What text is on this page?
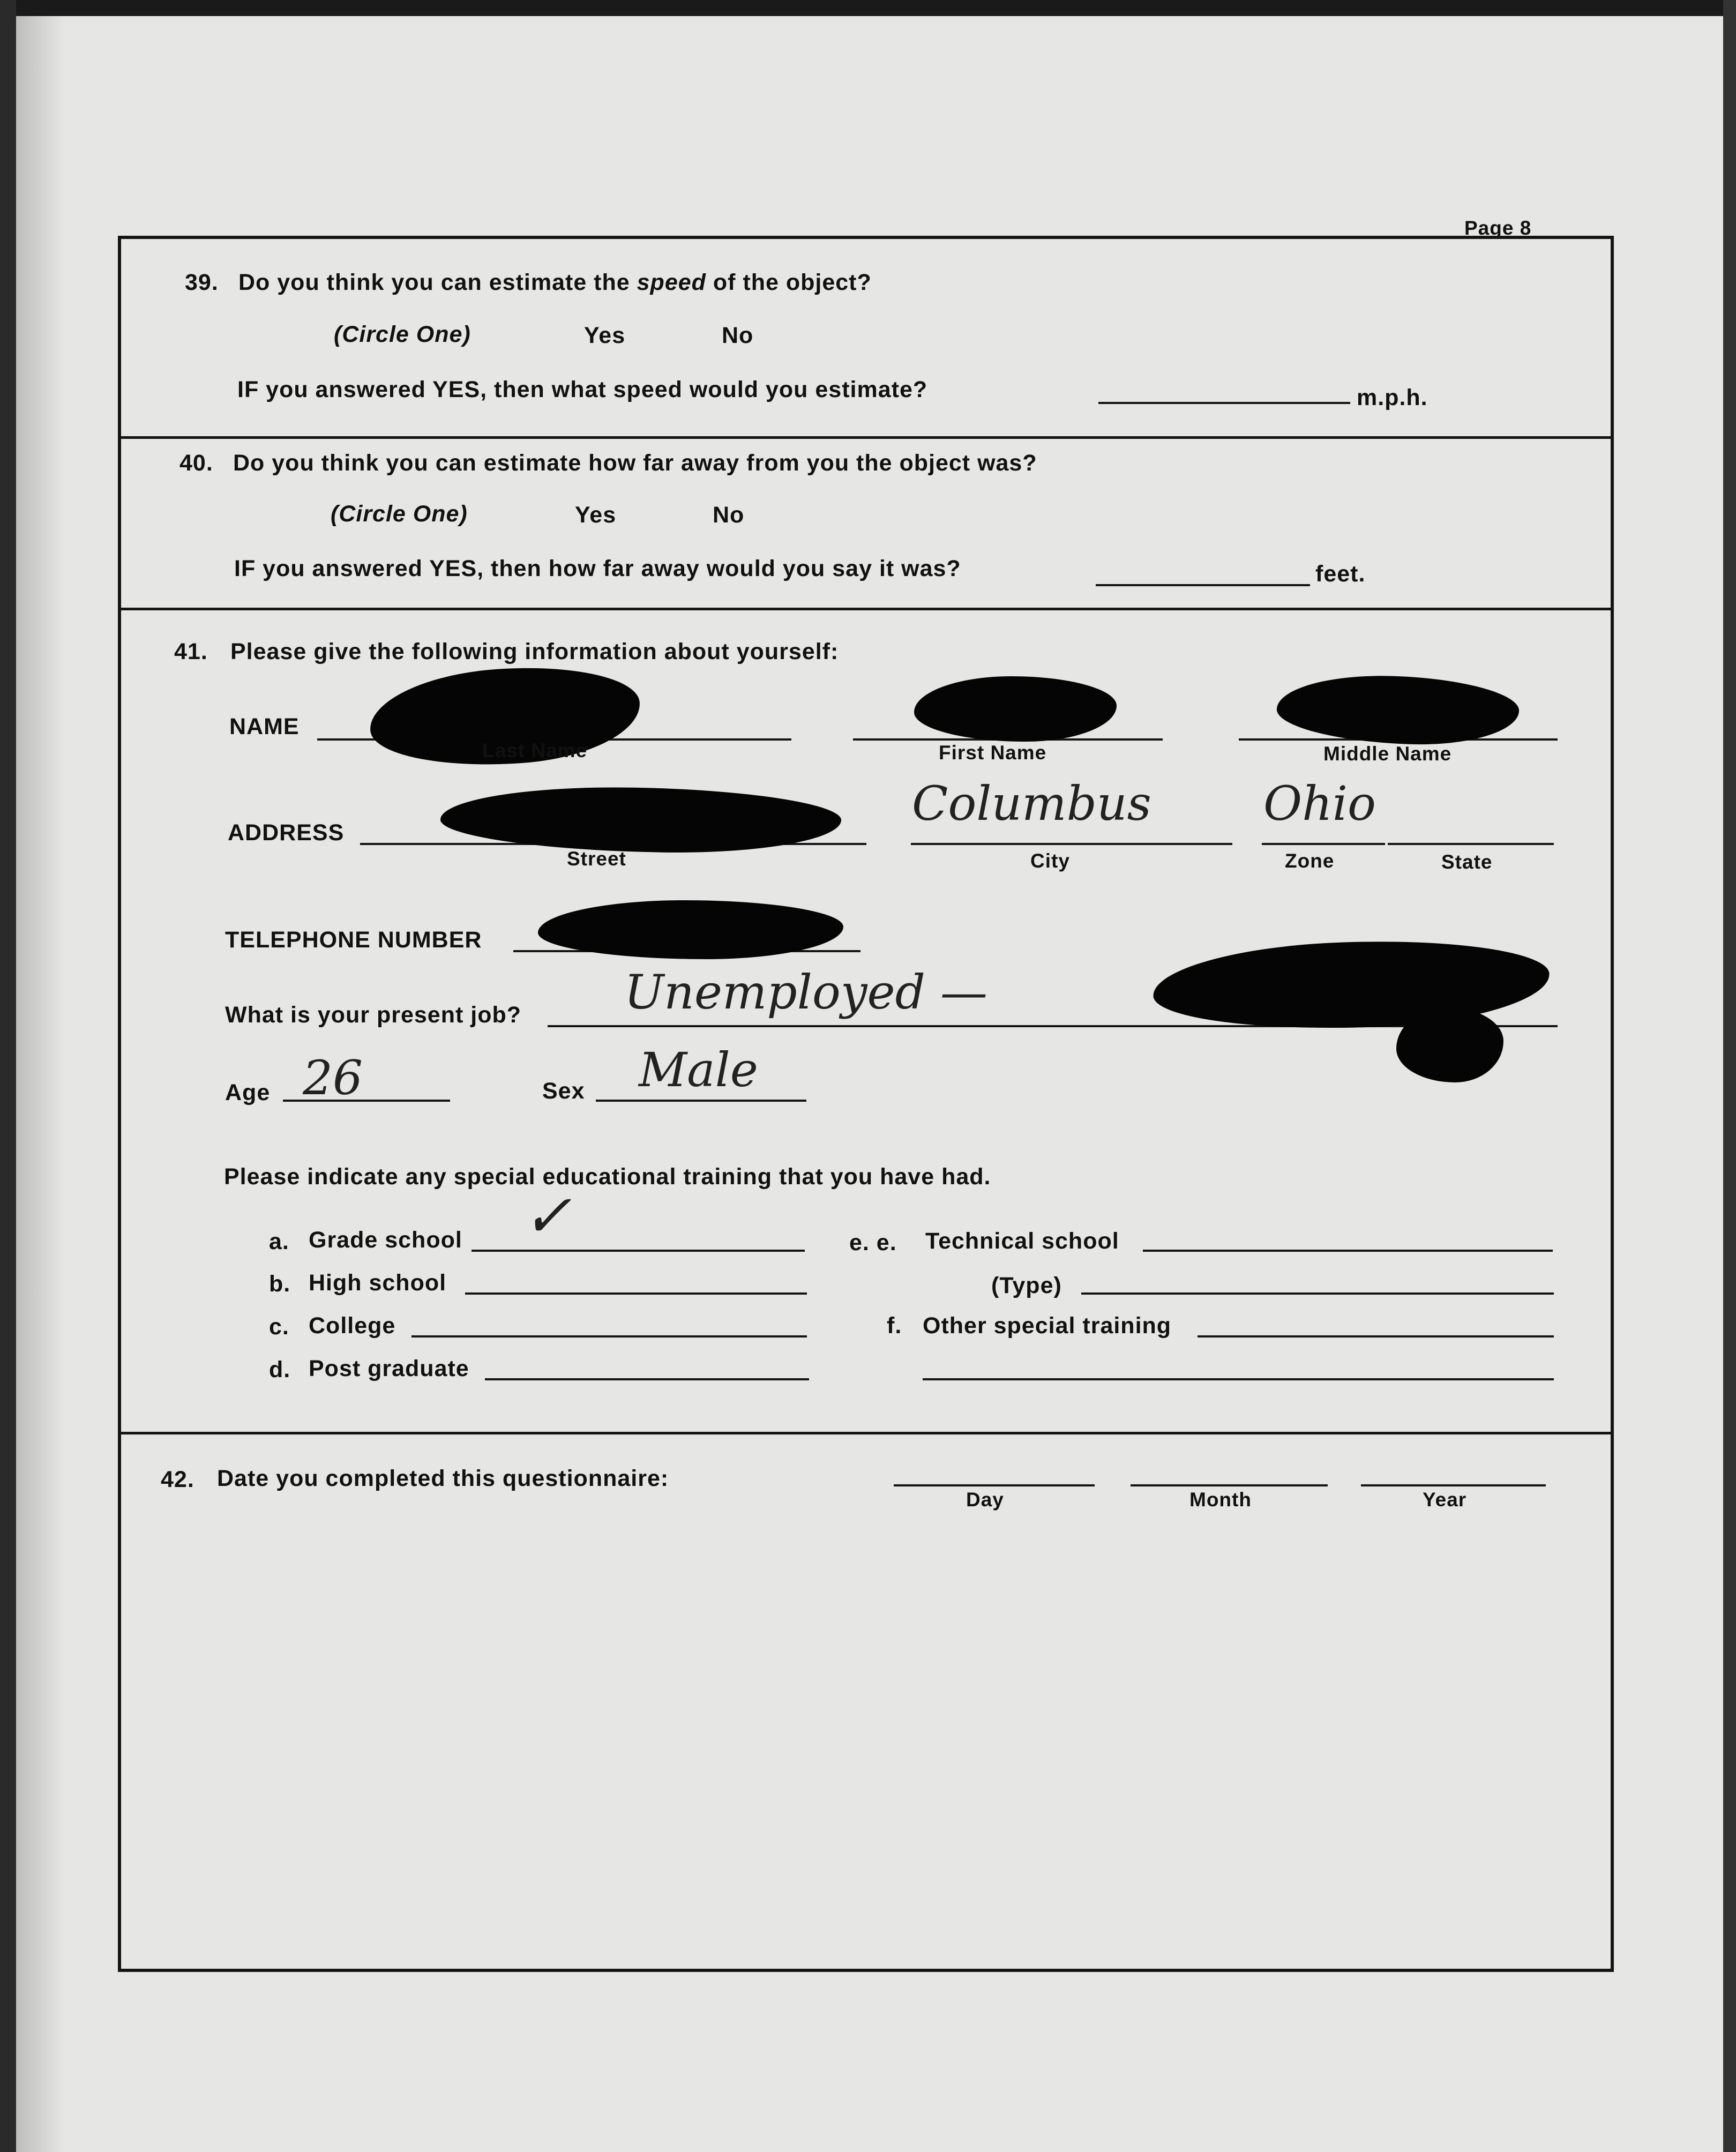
Page 8
39. Do you think you can estimate the speed of the object?
(Circle One)	Yes	No
IF you answered YES, then what speed would you estimate?	m.p.h.
40. Do you think you can estimate how far away from you the object was?
(Circle One)	Yes	No
IF you answered YES, then how far away would you say it was?	feet.
41. Please give the following information about yourself:
NAME
Last Name	First Name	Middle Name
ADDRESS
Columbus Ohio
Street	City	Zone	State
TELEPHONE NUMBER
What is your present job? Unemployed —
Age 26	Sex Male
Please indicate any special educational training that you have had.
a. Grade school ✓
b. High school
c. College
d. Post graduate
e. e. Technical school
(Type)
f. Other special training
42. Date you completed this questionnaire:
Day	Month	Year
